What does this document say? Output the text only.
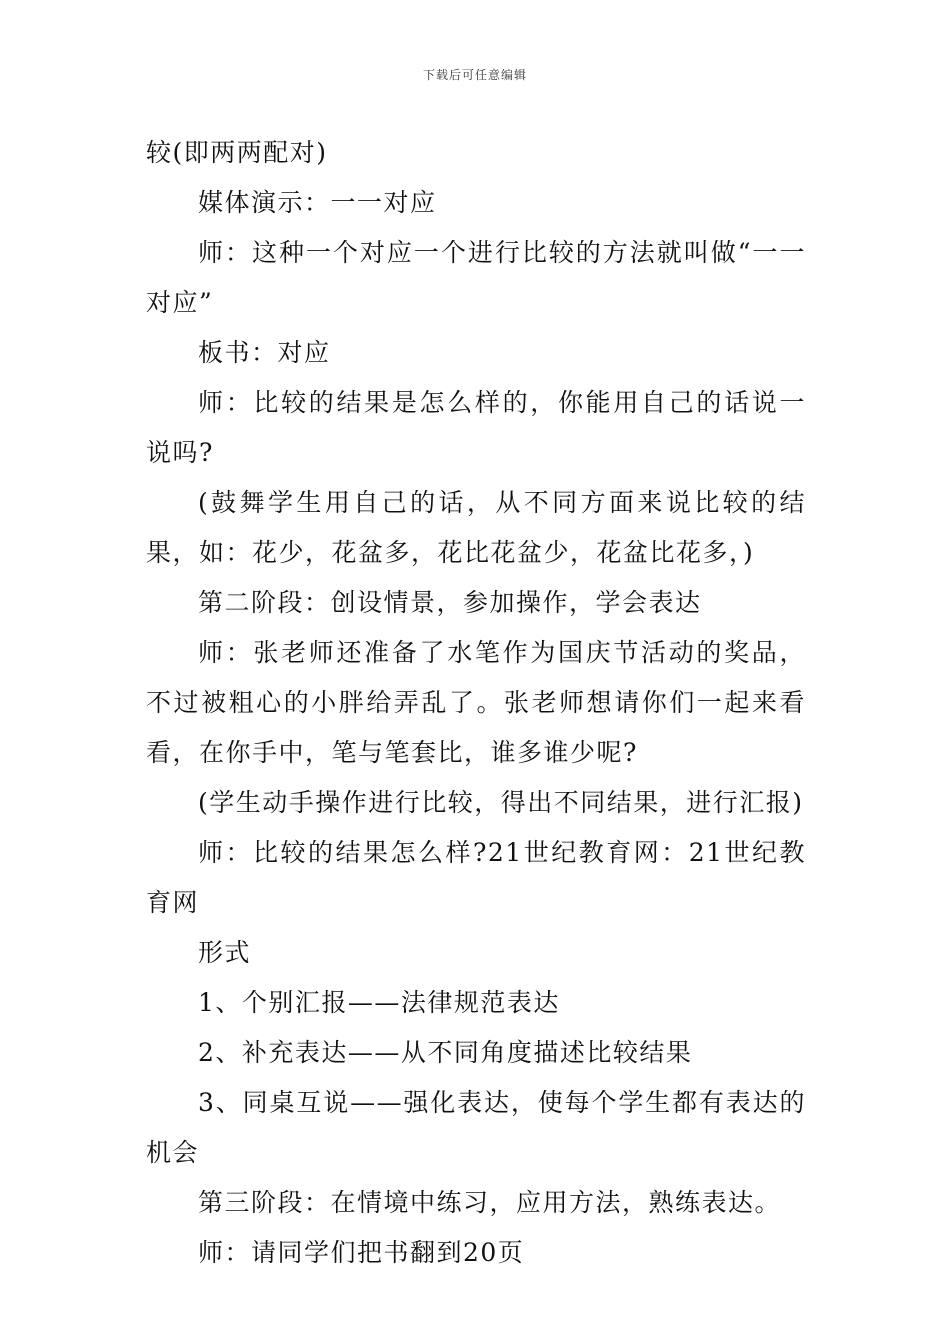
下载后可任意编辑

较(即两两配对)

媒体演示：一一对应

师：这种一个对应一个进行比较的方法就叫做“一一对应”

板书：对应

师：比较的结果是怎么样的，你能用自己的话说一说吗?

(鼓舞学生用自己的话，从不同方面来说比较的结果，如：花少，花盆多，花比花盆少，花盆比花多，)

第二阶段：创设情景，参加操作，学会表达

师：张老师还准备了水笔作为国庆节活动的奖品，不过被粗心的小胖给弄乱了。张老师想请你们一起来看看，在你手中，笔与笔套比，谁多谁少呢?

(学生动手操作进行比较，得出不同结果，进行汇报)

师：比较的结果怎么样?21世纪教育网：21世纪教育网

形式

1、个别汇报——法律规范表达

2、补充表达——从不同角度描述比较结果

3、同桌互说——强化表达，使每个学生都有表达的机会

第三阶段：在情境中练习，应用方法，熟练表达。

师：请同学们把书翻到20页
